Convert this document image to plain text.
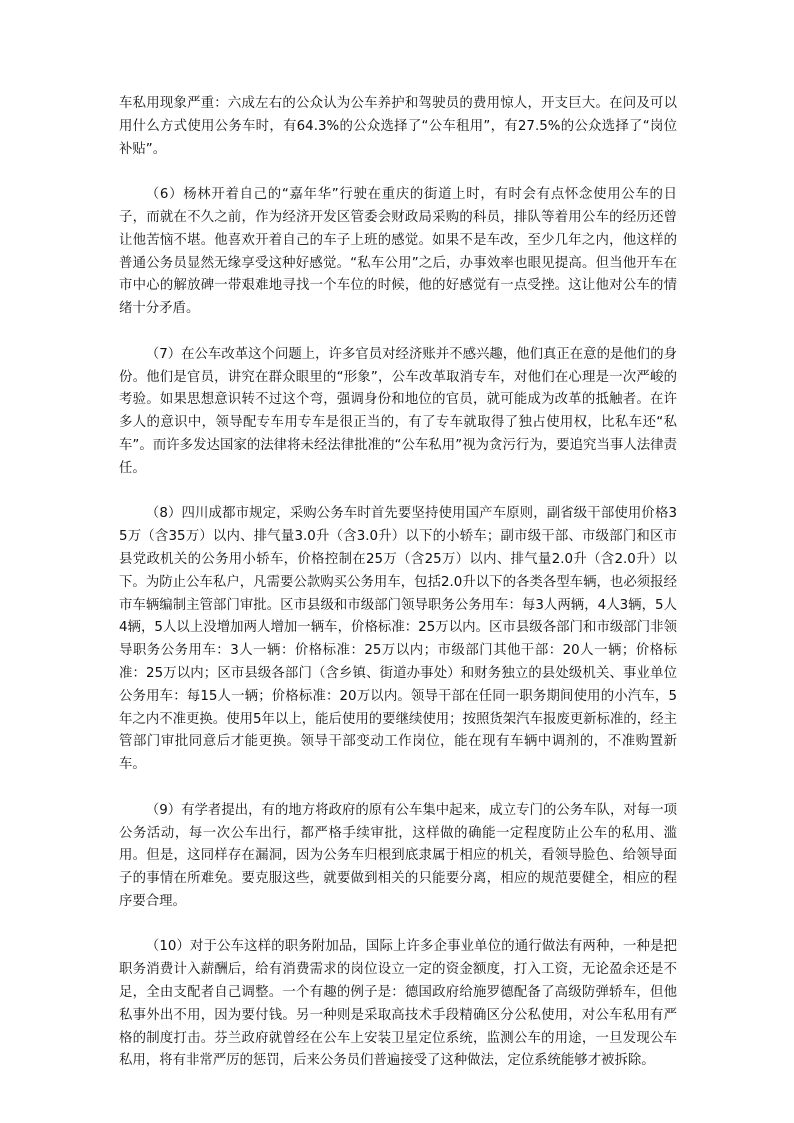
车私用现象严重：六成左右的公众认为公车养护和驾驶员的费用惊人，开支巨大。在问及可以用什么方式使用公务车时，有64.3%的公众选择了“公车租用”，有27.5%的公众选择了“岗位补贴”。

（6）杨林开着自己的“嘉年华”行驶在重庆的街道上时，有时会有点怀念使用公车的日子，而就在不久之前，作为经济开发区管委会财政局采购的科员，排队等着用公车的经历还曾让他苦恼不堪。他喜欢开着自己的车子上班的感觉。如果不是车改，至少几年之内，他这样的普通公务员显然无缘享受这种好感觉。“私车公用”之后，办事效率也眼见提高。但当他开车在市中心的解放碑一带艰难地寻找一个车位的时候，他的好感觉有一点受挫。这让他对公车的情绪十分矛盾。

（7）在公车改革这个问题上，许多官员对经济账并不感兴趣，他们真正在意的是他们的身份。他们是官员，讲究在群众眼里的“形象”，公车改革取消专车，对他们在心理是一次严峻的考验。如果思想意识转不过这个弯，强调身份和地位的官员，就可能成为改革的抵触者。在许多人的意识中，领导配专车用专车是很正当的，有了专车就取得了独占使用权，比私车还“私车”。而许多发达国家的法律将未经法律批准的“公车私用”视为贪污行为，要追究当事人法律责任。

（8）四川成都市规定，采购公务车时首先要坚持使用国产车原则，副省级干部使用价格35万（含35万）以内、排气量3.0升（含3.0升）以下的小轿车；副市级干部、市级部门和区市县党政机关的公务用小轿车，价格控制在25万（含25万）以内、排气量2.0升（含2.0升）以下。为防止公车私户，凡需要公款购买公务用车，包括2.0升以下的各类各型车辆，也必须报经市车辆编制主管部门审批。区市县级和市级部门领导职务公务用车：每3人两辆，4人3辆，5人4辆，5人以上没增加两人增加一辆车，价格标准：25万以内。区市县级各部门和市级部门非领导职务公务用车：3人一辆：价格标准：25万以内；市级部门其他干部：20人一辆；价格标准：25万以内；区市县级各部门（含乡镇、街道办事处）和财务独立的县处级机关、事业单位公务用车：每15人一辆；价格标准：20万以内。领导干部在任同一职务期间使用的小汽车，5年之内不准更换。使用5年以上，能后使用的要继续使用；按照货架汽车报废更新标准的，经主管部门审批同意后才能更换。领导干部变动工作岗位，能在现有车辆中调剂的，不准购置新车。

（9）有学者提出，有的地方将政府的原有公车集中起来，成立专门的公务车队，对每一项公务活动，每一次公车出行，都严格手续审批，这样做的确能一定程度防止公车的私用、滥用。但是，这同样存在漏洞，因为公务车归根到底隶属于相应的机关，看领导脸色、给领导面子的事情在所难免。要克服这些，就要做到相关的只能要分离，相应的规范要健全，相应的程序要合理。

（10）对于公车这样的职务附加品，国际上许多企事业单位的通行做法有两种，一种是把职务消费计入薪酬后，给有消费需求的岗位设立一定的资金额度，打入工资，无论盈余还是不足，全由支配者自己调整。一个有趣的例子是：德国政府给施罗德配备了高级防弹轿车，但他私事外出不用，因为要付钱。另一种则是采取高技术手段精确区分公私使用，对公车私用有严格的制度打击。芬兰政府就曾经在公车上安装卫星定位系统，监测公车的用途，一旦发现公车私用，将有非常严厉的惩罚，后来公务员们普遍接受了这种做法，定位系统能够才被拆除。
